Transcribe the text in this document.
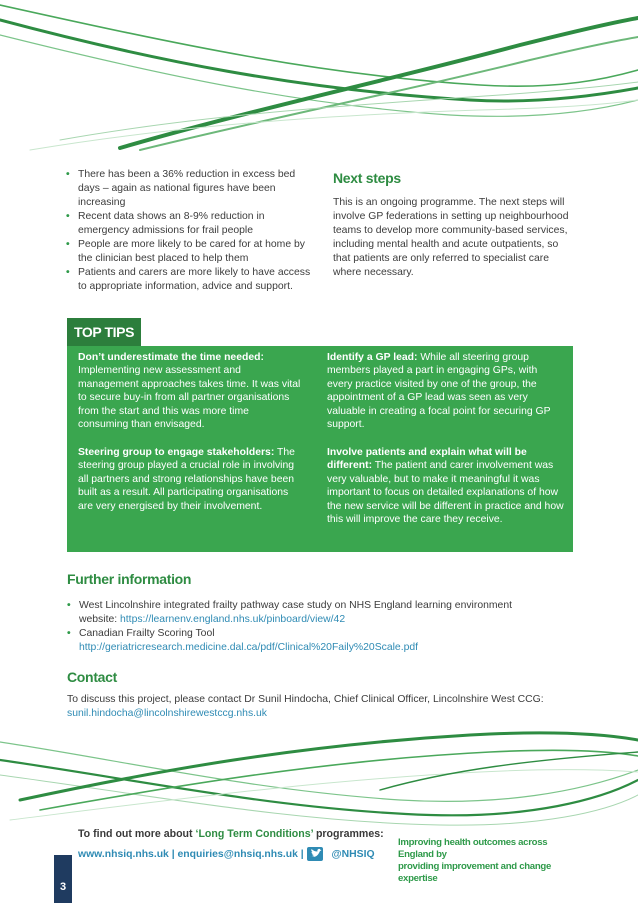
• There has been a 36% reduction in excess bed days – again as national figures have been increasing
• Recent data shows an 8-9% reduction in emergency admissions for frail people
• People are more likely to be cared for at home by the clinician best placed to help them
• Patients and carers are more likely to have access to appropriate information, advice and support.
Next steps
This is an ongoing programme. The next steps will involve GP federations in setting up neighbourhood teams to develop more community-based services, including mental health and acute outpatients, so that patients are only referred to specialist care where necessary.
TOP TIPS
Don’t underestimate the time needed: Implementing new assessment and management approaches takes time. It was vital to secure buy-in from all partner organisations from the start and this was more time consuming than envisaged.
Steering group to engage stakeholders: The steering group played a crucial role in involving all partners and strong relationships have been built as a result. All participating organisations are very energised by their involvement.
Identify a GP lead: While all steering group members played a part in engaging GPs, with every practice visited by one of the group, the appointment of a GP lead was seen as very valuable in creating a focal point for securing GP support.
Involve patients and explain what will be different: The patient and carer involvement was very valuable, but to make it meaningful it was important to focus on detailed explanations of how the new service will be different in practice and how this will improve the care they receive.
Further information
• West Lincolnshire integrated frailty pathway case study on NHS England learning environment website: https://learnenv.england.nhs.uk/pinboard/view/42
• Canadian Frailty Scoring Tool
http://geriatricresearch.medicine.dal.ca/pdf/Clinical%20Faily%20Scale.pdf
Contact
To discuss this project, please contact Dr Sunil Hindocha, Chief Clinical Officer, Lincolnshire West CCG: sunil.hindocha@lincolnshirewestccg.nhs.uk
3
To find out more about ‘Long Term Conditions’ programmes:
www.nhsiq.nhs.uk | enquiries@nhsiq.nhs.uk |  @NHSIQ
Improving health outcomes across England by
providing improvement and change expertise
